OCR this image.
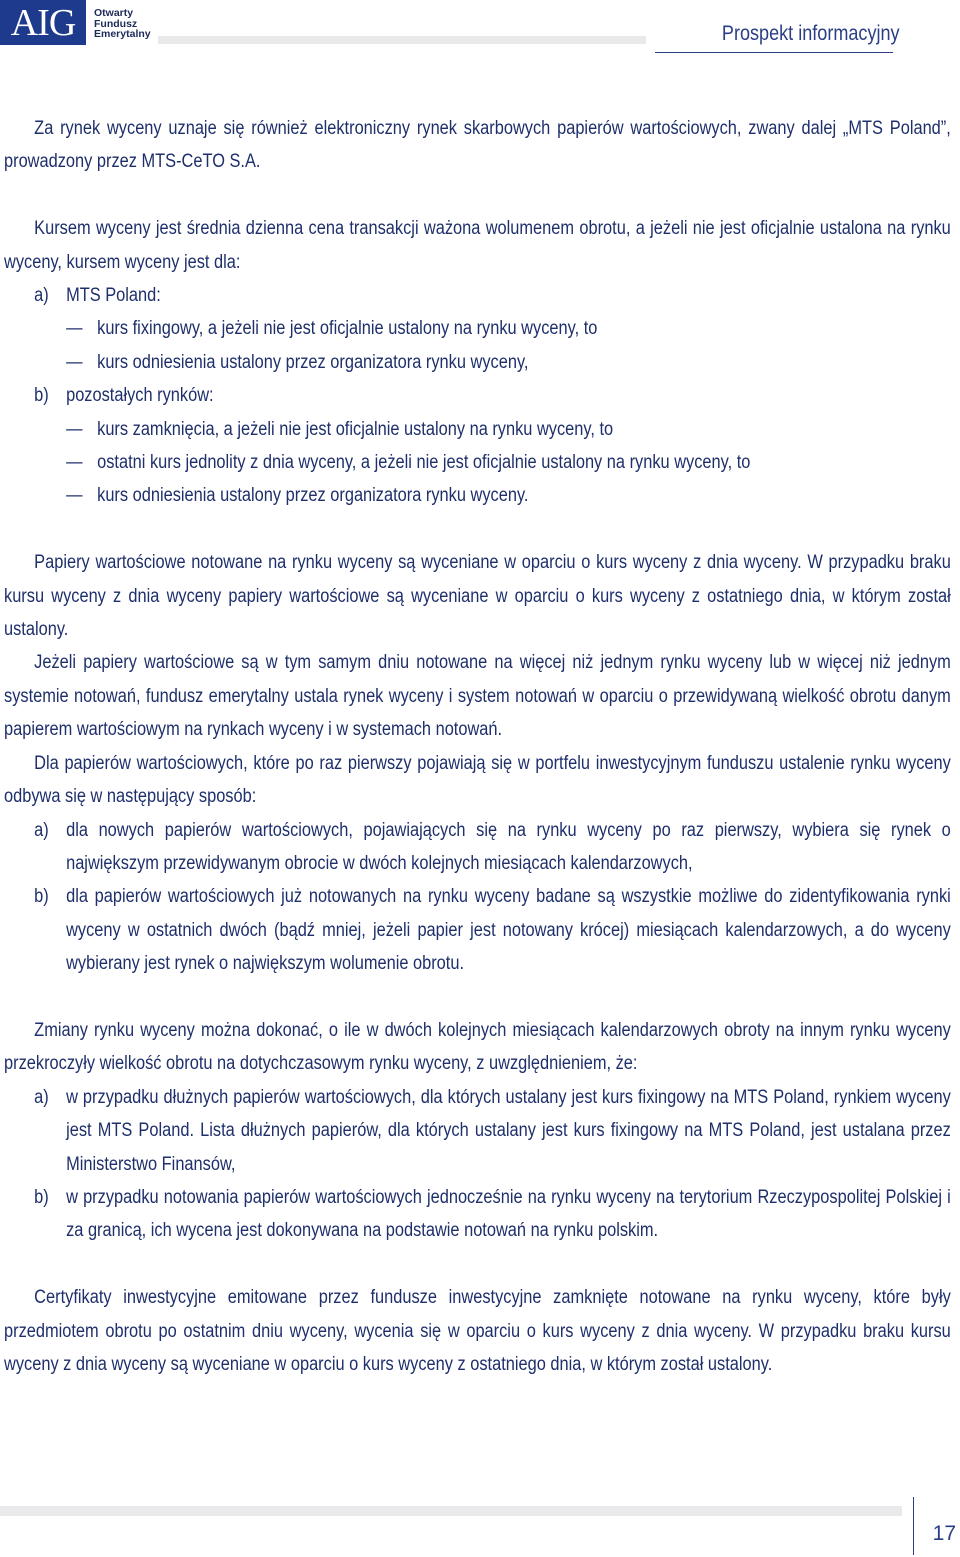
AIG Otwarty
Fundusz
Emerytalny	Prospekt informacyjny

Za rynek wyceny uznaje się również elektroniczny rynek skarbowych papierów wartościowych, zwany dalej „MTS Poland”, prowadzony przez MTS-CeTO S.A.

Kursem wyceny jest średnia dzienna cena transakcji ważona wolumenem obrotu, a jeżeli nie jest oficjalnie ustalona na rynku wyceny, kursem wyceny jest dla:

a) MTS Poland:
— kurs fixingowy, a jeżeli nie jest oficjalnie ustalony na rynku wyceny, to
— kurs odniesienia ustalony przez organizatora rynku wyceny,
b) pozostałych rynków:
— kurs zamknięcia, a jeżeli nie jest oficjalnie ustalony na rynku wyceny, to
— ostatni kurs jednolity z dnia wyceny, a jeżeli nie jest oficjalnie ustalony na rynku wyceny, to
— kurs odniesienia ustalony przez organizatora rynku wyceny.

Papiery wartościowe notowane na rynku wyceny są wyceniane w oparciu o kurs wyceny z dnia wyceny. W przypadku braku kursu wyceny z dnia wyceny papiery wartościowe są wyceniane w oparciu o kurs wyceny z ostatniego dnia, w którym został ustalony.

Jeżeli papiery wartościowe są w tym samym dniu notowane na więcej niż jednym rynku wyceny lub w więcej niż jednym systemie notowań, fundusz emerytalny ustala rynek wyceny i system notowań w oparciu o przewidywaną wielkość obrotu danym papierem wartościowym na rynkach wyceny i w systemach notowań.

Dla papierów wartościowych, które po raz pierwszy pojawiają się w portfelu inwestycyjnym funduszu ustalenie rynku wyceny odbywa się w następujący sposób:

a) dla nowych papierów wartościowych, pojawiających się na rynku wyceny po raz pierwszy, wybiera się rynek o największym przewidywanym obrocie w dwóch kolejnych miesiącach kalendarzowych,
b) dla papierów wartościowych już notowanych na rynku wyceny badane są wszystkie możliwe do zidentyfikowania rynki wyceny w ostatnich dwóch (bądź mniej, jeżeli papier jest notowany krócej) miesiącach kalendarzowych, a do wyceny wybierany jest rynek o największym wolumenie obrotu.

Zmiany rynku wyceny można dokonać, o ile w dwóch kolejnych miesiącach kalendarzowych obroty na innym rynku wyceny przekroczyły wielkość obrotu na dotychczasowym rynku wyceny, z uwzględnieniem, że:

a) w przypadku dłużnych papierów wartościowych, dla których ustalany jest kurs fixingowy na MTS Poland, rynkiem wyceny jest MTS Poland. Lista dłużnych papierów, dla których ustalany jest kurs fixingowy na MTS Poland, jest ustalana przez Ministerstwo Finansów,
b) w przypadku notowania papierów wartościowych jednocześnie na rynku wyceny na terytorium Rzeczypospolitej Polskiej i za granicą, ich wycena jest dokonywana na podstawie notowań na rynku polskim.

Certyfikaty inwestycyjne emitowane przez fundusze inwestycyjne zamknięte notowane na rynku wyceny, które były przedmiotem obrotu po ostatnim dniu wyceny, wycenia się w oparciu o kurs wyceny z dnia wyceny. W przypadku braku kursu wyceny z dnia wyceny są wyceniane w oparciu o kurs wyceny z ostatniego dnia, w którym został ustalony.

17
